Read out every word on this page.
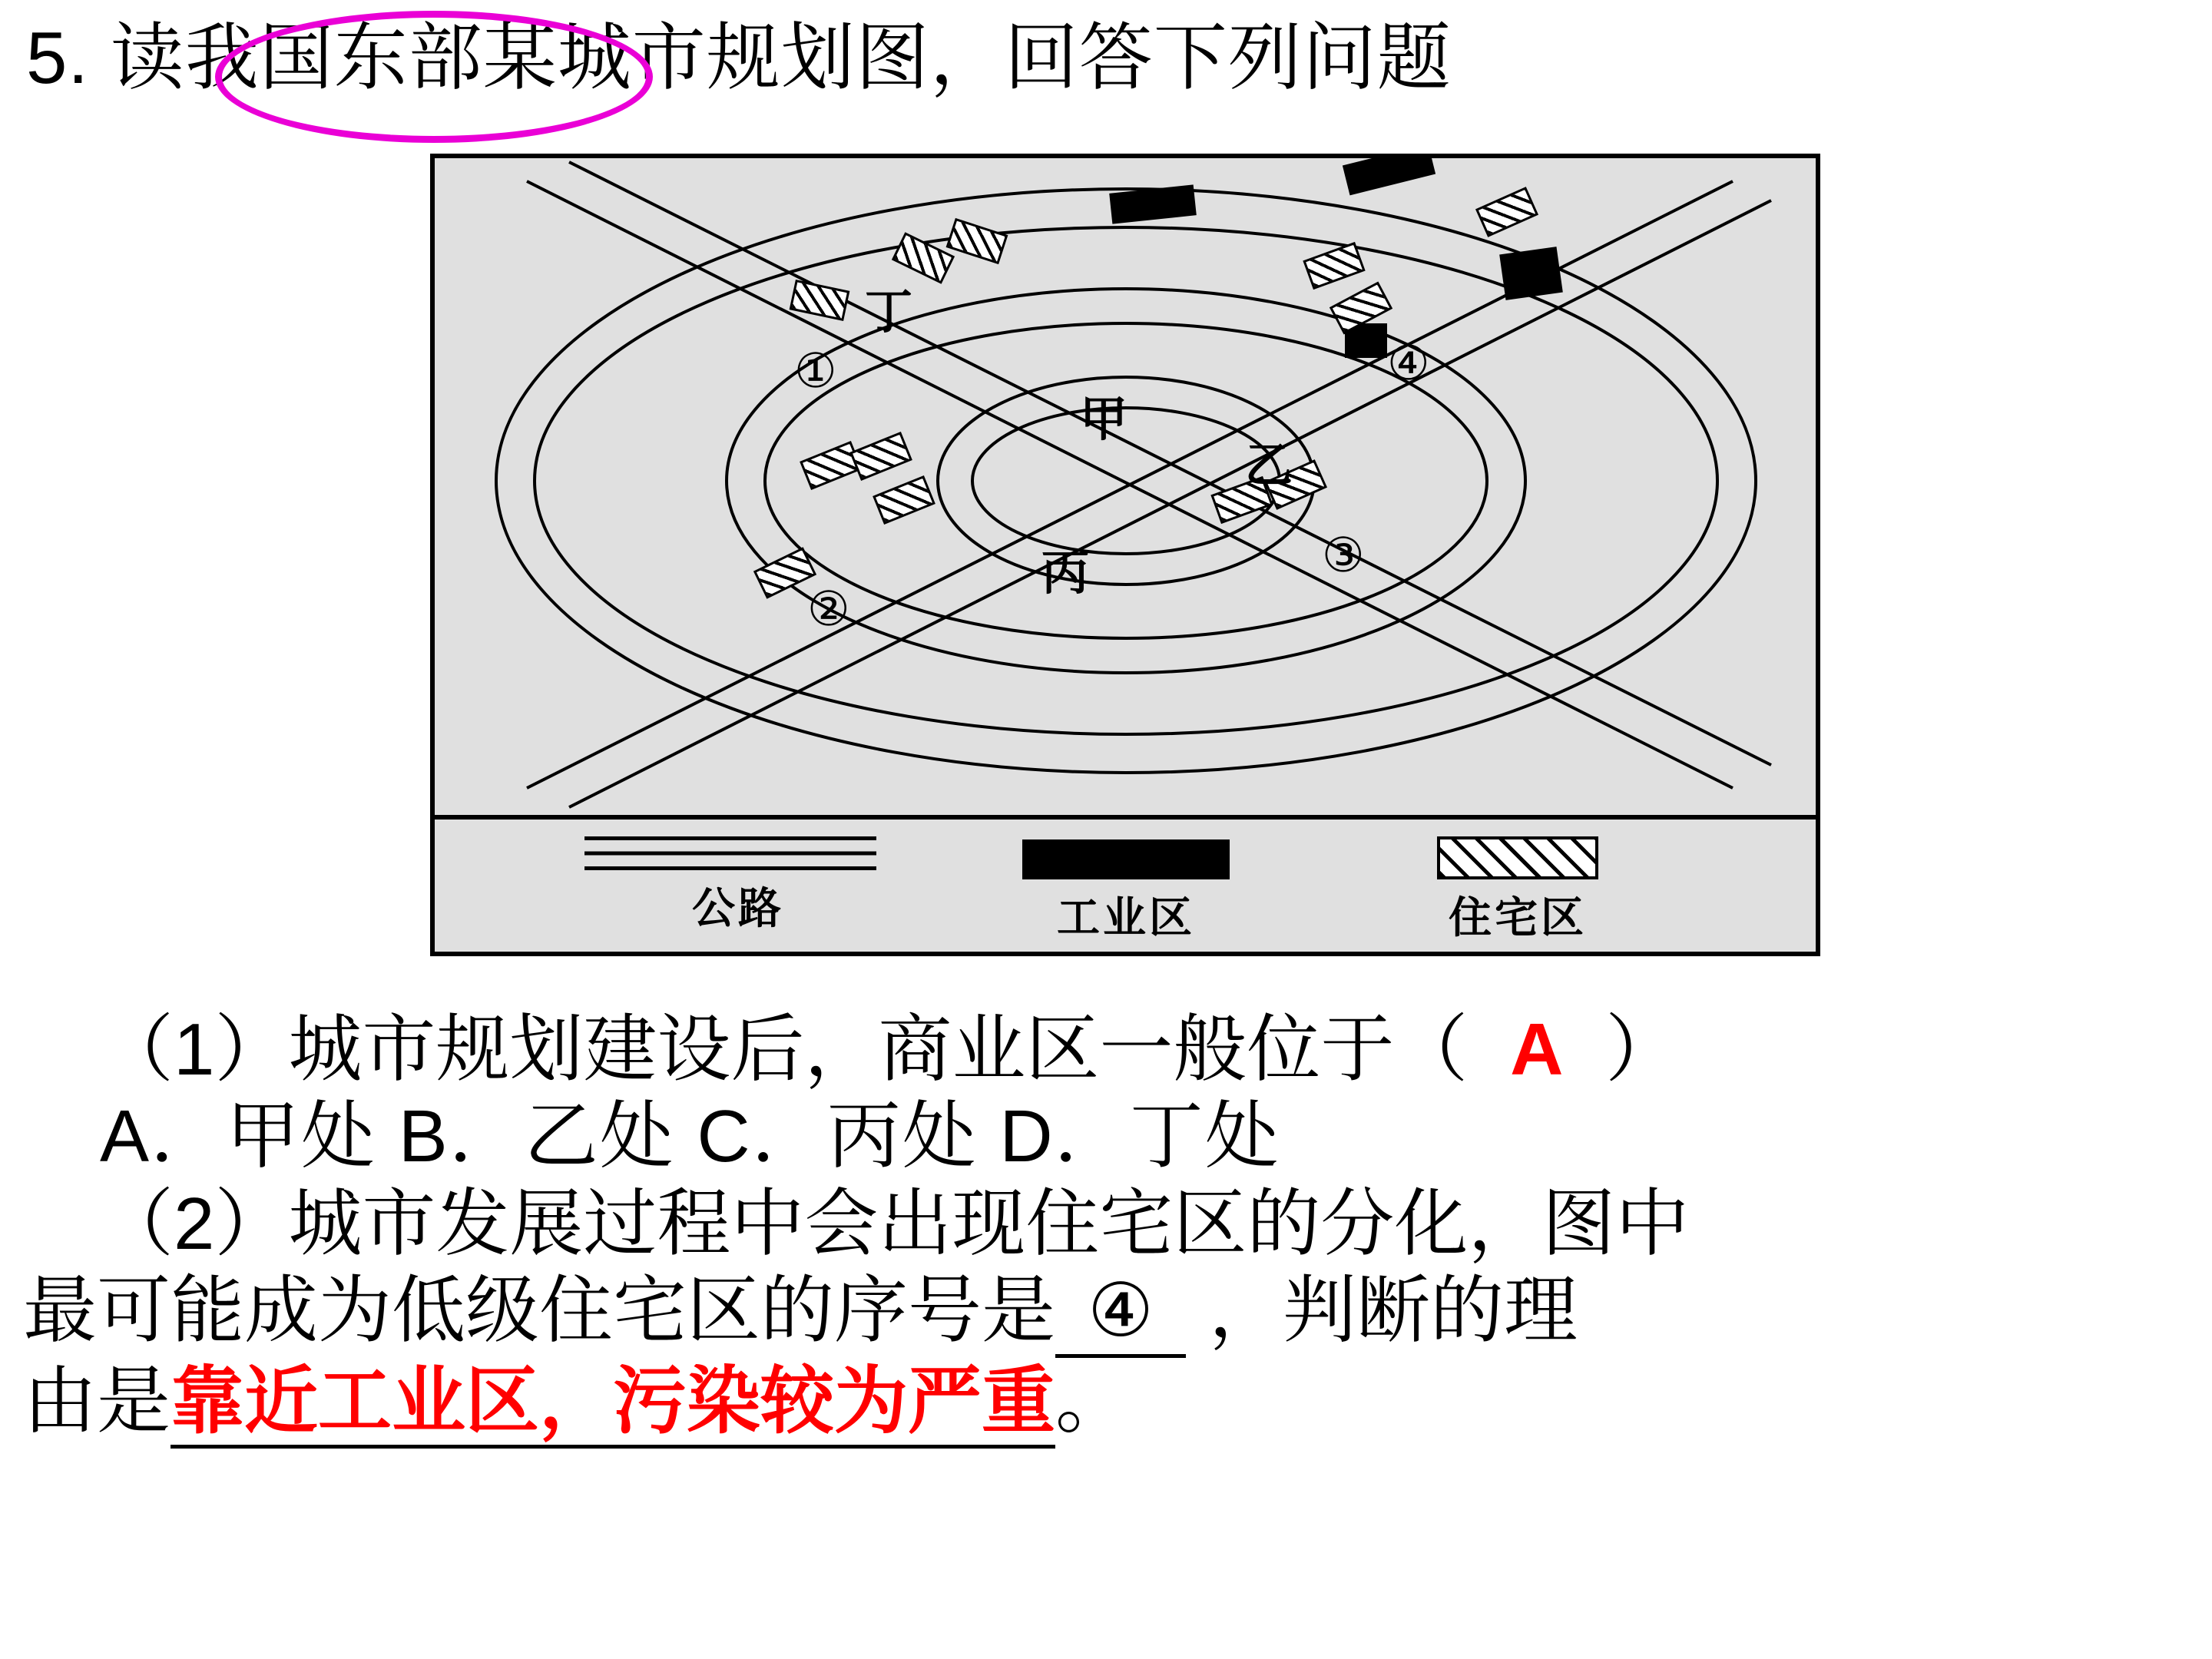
5. 读我国东部某城市规划图，回答下列问题
丁
甲
乙
丙
①
②
③
④
公路	工业区	住宅区
（1）城市规划建设后，商业区一般位于（ A ）
A．甲处 B．乙处 C．丙处 D．丁处
（2）城市发展过程中会出现住宅区的分化，图中
最可能成为低级住宅区的序号是 ④ ，判断的理
由是靠近工业区，污染较为严重。
